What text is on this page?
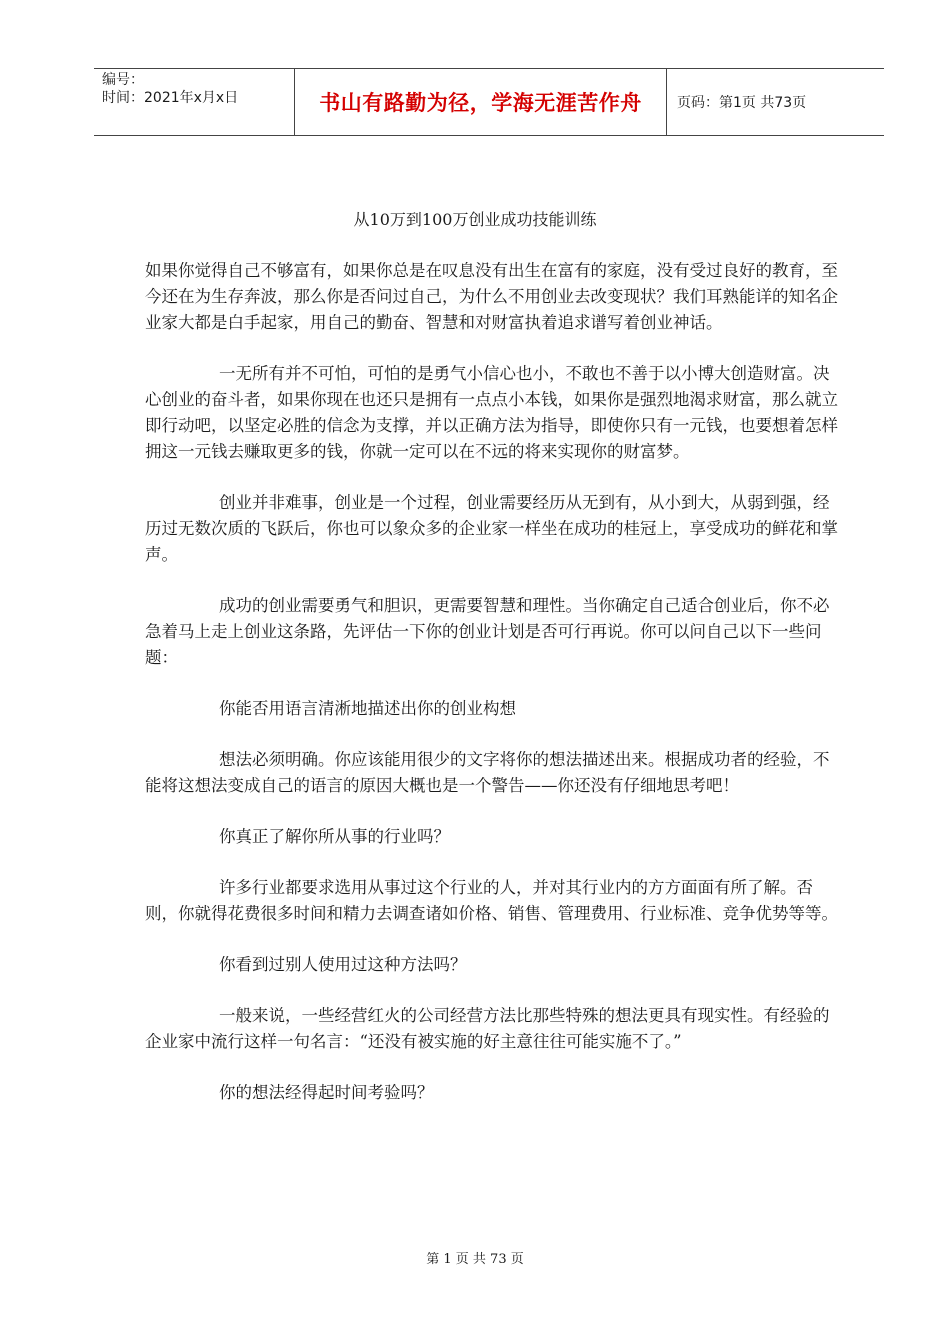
编号：
时间：2021年x月x日	书山有路勤为径，学海无涯苦作舟	页码：第1页 共73页
从10万到100万创业成功技能训练

如果你觉得自己不够富有，如果你总是在叹息没有出生在富有的家庭，没有受过良好的教育，至今还在为生存奔波，那么你是否问过自己，为什么不用创业去改变现状？我们耳熟能详的知名企业家大都是白手起家，用自己的勤奋、智慧和对财富执着追求谱写着创业神话。

一无所有并不可怕，可怕的是勇气小信心也小，不敢也不善于以小博大创造财富。决心创业的奋斗者，如果你现在也还只是拥有一点点小本钱，如果你是强烈地渴求财富，那么就立即行动吧，以坚定必胜的信念为支撑，并以正确方法为指导，即使你只有一元钱，也要想着怎样拥这一元钱去赚取更多的钱，你就一定可以在不远的将来实现你的财富梦。

创业并非难事，创业是一个过程，创业需要经历从无到有，从小到大，从弱到强，经历过无数次质的飞跃后，你也可以象众多的企业家一样坐在成功的桂冠上，享受成功的鲜花和掌声。

成功的创业需要勇气和胆识，更需要智慧和理性。当你确定自己适合创业后，你不必急着马上走上创业这条路，先评估一下你的创业计划是否可行再说。你可以问自己以下一些问题：

你能否用语言清淅地描述出你的创业构想

想法必须明确。你应该能用很少的文字将你的想法描述出来。根据成功者的经验，不能将这想法变成自己的语言的原因大概也是一个警告——你还没有仔细地思考吧！

你真正了解你所从事的行业吗？

许多行业都要求选用从事过这个行业的人，并对其行业内的方方面面有所了解。否则，你就得花费很多时间和精力去调查诸如价格、销售、管理费用、行业标准、竞争优势等等。

你看到过别人使用过这种方法吗？

一般来说，一些经营红火的公司经营方法比那些特殊的想法更具有现实性。有经验的企业家中流行这样一句名言：“还没有被实施的好主意往往可能实施不了。”

你的想法经得起时间考验吗？

第 1 页 共 73 页
